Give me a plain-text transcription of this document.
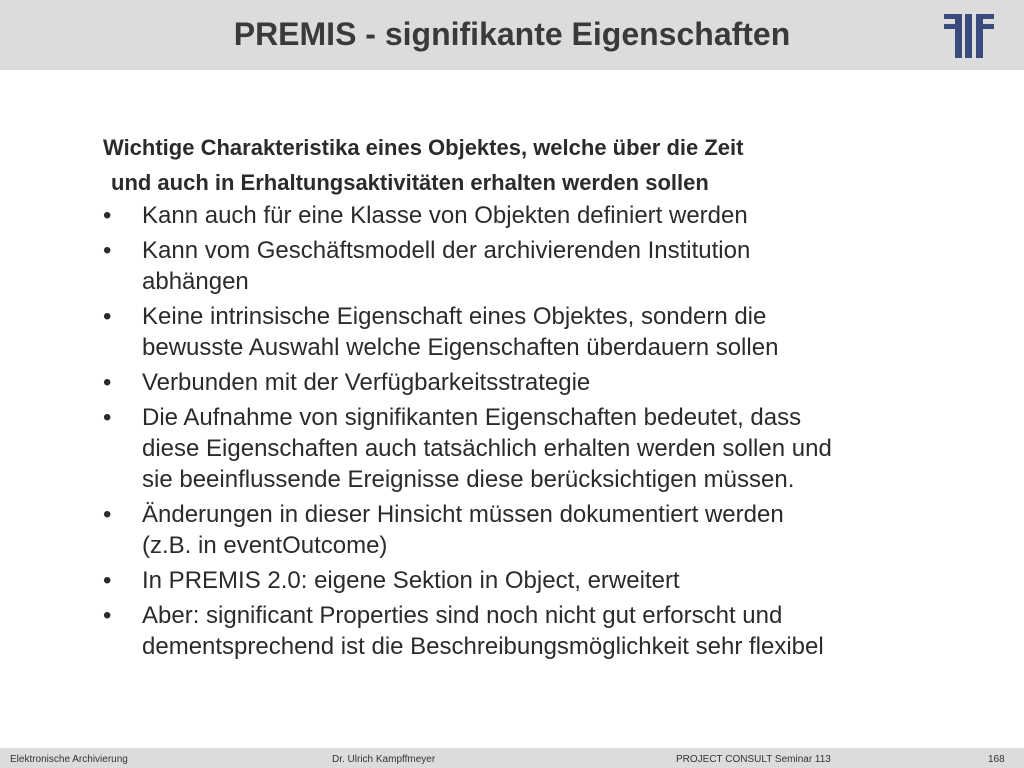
PREMIS - signifikante Eigenschaften

Wichtige Charakteristika eines Objektes, welche über die Zeit
und auch in Erhaltungsaktivitäten erhalten werden sollen

• Kann auch für eine Klasse von Objekten definiert werden
• Kann vom Geschäftsmodell der archivierenden Institution
abhängen
• Keine intrinsische Eigenschaft eines Objektes, sondern die
bewusste Auswahl welche Eigenschaften überdauern sollen
• Verbunden mit der Verfügbarkeitsstrategie
• Die Aufnahme von signifikanten Eigenschaften bedeutet, dass
diese Eigenschaften auch tatsächlich erhalten werden sollen und
sie beeinflussende Ereignisse diese berücksichtigen müssen.
• Änderungen in dieser Hinsicht müssen dokumentiert werden
(z.B. in eventOutcome)
• In PREMIS 2.0: eigene Sektion in Object, erweitert
• Aber: significant Properties sind noch nicht gut erforscht und
dementsprechend ist die Beschreibungsmöglichkeit sehr flexibel
Elektronische Archivierung	Dr. Ulrich Kampffmeyer	PROJECT CONSULT Seminar 113	168
